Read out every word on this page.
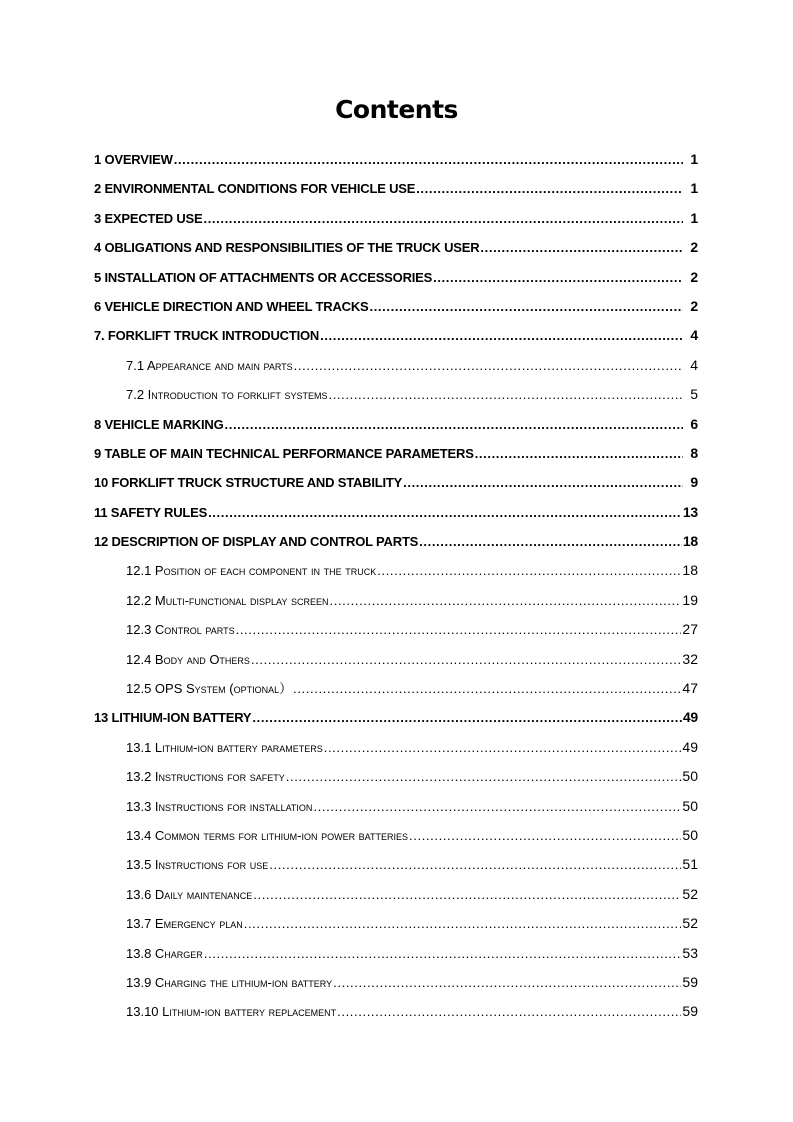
Contents
1 OVERVIEW . . .	1
2 ENVIRONMENTAL CONDITIONS FOR VEHICLE USE . . .	1
3 EXPECTED USE . . .	1
4 OBLIGATIONS AND RESPONSIBILITIES OF THE TRUCK USER . . .	2
5 INSTALLATION OF ATTACHMENTS OR ACCESSORIES . . .	2
6 VEHICLE DIRECTION AND WHEEL TRACKS . . .	2
7. FORKLIFT TRUCK INTRODUCTION . . .	4
7.1 Appearance and main parts . . .	4
7.2 Introduction to forklift systems . . .	5
8 VEHICLE MARKING . . .	6
9 TABLE OF MAIN TECHNICAL PERFORMANCE PARAMETERS . . .	8
10 FORKLIFT TRUCK STRUCTURE AND STABILITY . . .	9
11 SAFETY RULES . . .	13
12 DESCRIPTION OF DISPLAY AND CONTROL PARTS . . .	18
12.1 Position of each component in the truck . . .	18
12.2 Multi-functional display screen . . .	19
12.3 Control parts . . .	27
12.4 Body and Others . . .	32
12.5 OPS System (optional） . . .	47
13 LITHIUM-ION BATTERY . . .	49
13.1 Lithium-ion battery parameters . . .	49
13.2 Instructions for safety . . .	50
13.3 Instructions for installation . . .	50
13.4 Common terms for lithium-ion power batteries . . .	50
13.5 Instructions for use . . .	51
13.6 Daily maintenance . . .	52
13.7 Emergency plan . . .	52
13.8 Charger . . .	53
13.9 Charging the lithium-ion battery . . .	59
13.10 Lithium-ion battery replacement . . .	59
